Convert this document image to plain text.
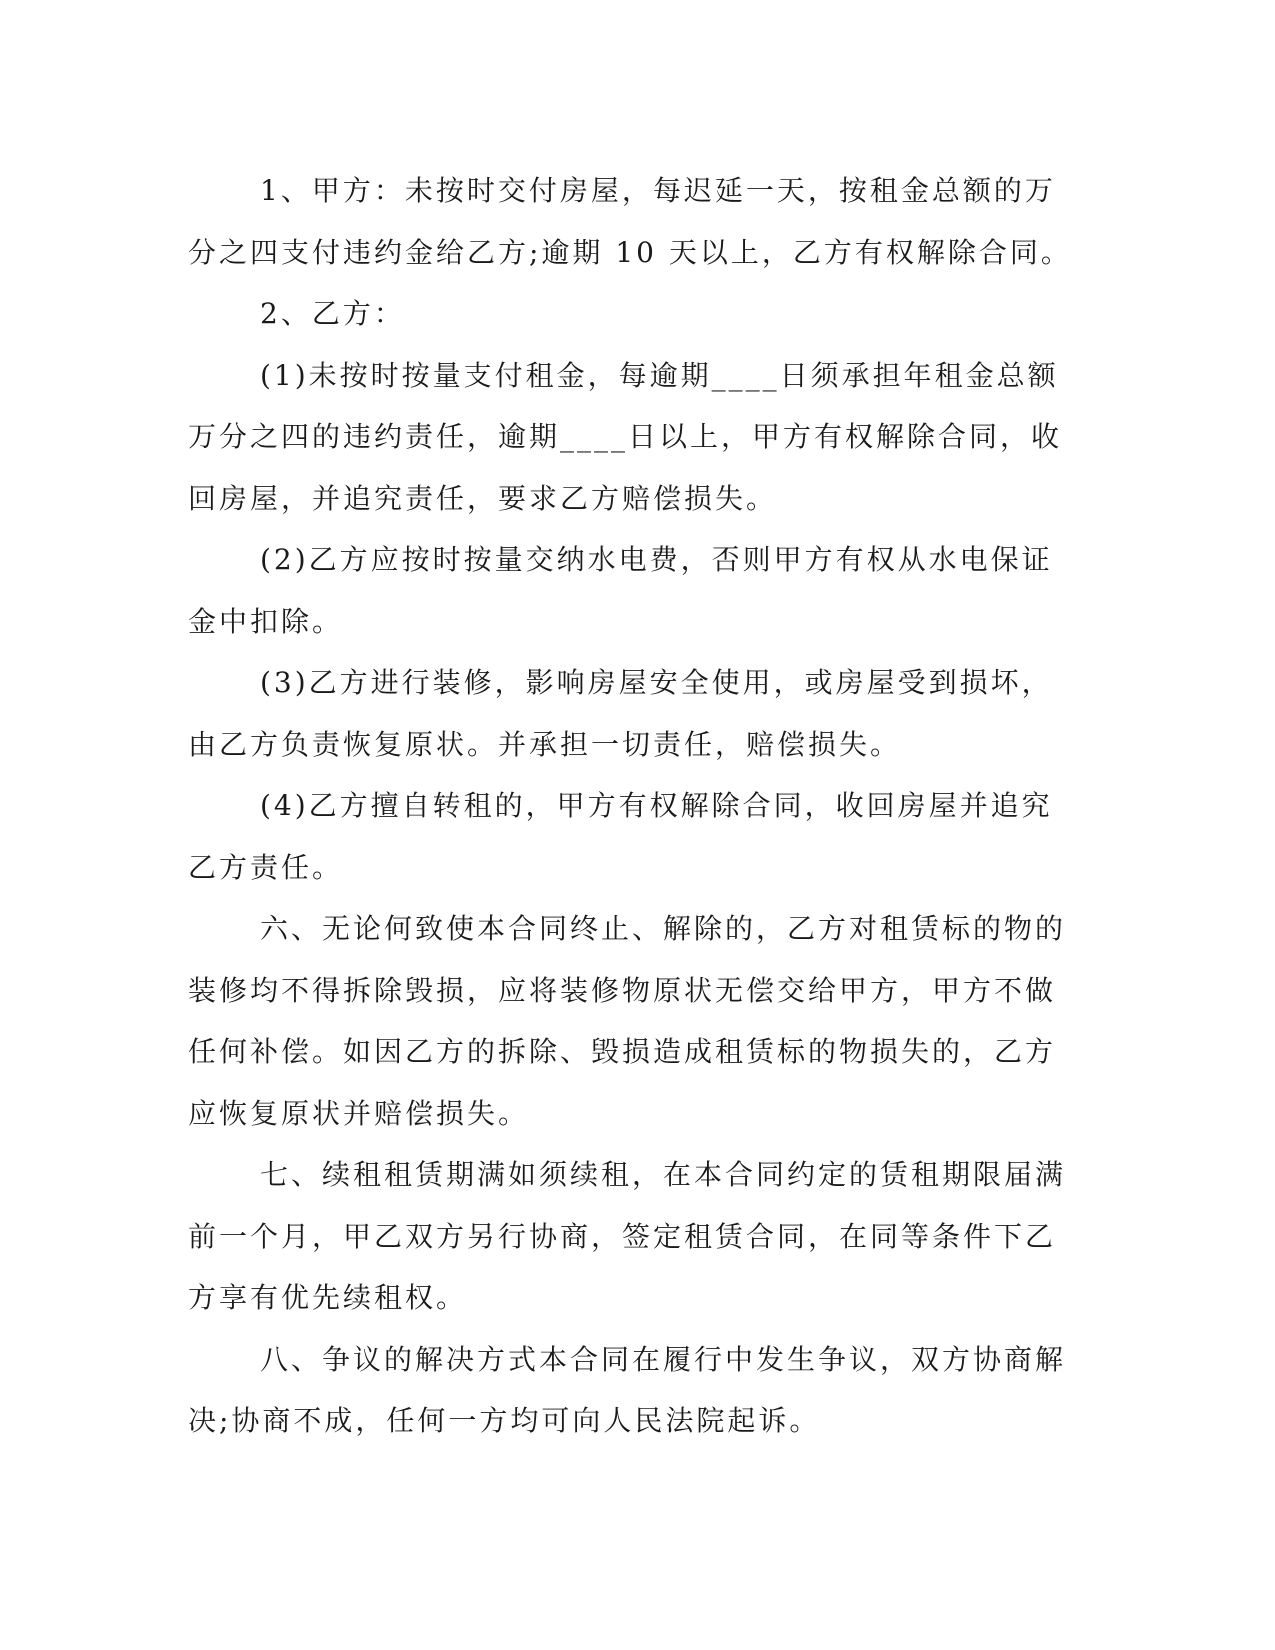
1、甲方：未按时交付房屋，每迟延一天，按租金总额的万分之四支付违约金给乙方;逾期 10 天以上，乙方有权解除合同。

2、乙方：

(1)未按时按量支付租金，每逾期____日须承担年租金总额万分之四的违约责任，逾期____日以上，甲方有权解除合同，收回房屋，并追究责任，要求乙方赔偿损失。

(2)乙方应按时按量交纳水电费，否则甲方有权从水电保证金中扣除。

(3)乙方进行装修，影响房屋安全使用，或房屋受到损坏，由乙方负责恢复原状。并承担一切责任，赔偿损失。

(4)乙方擅自转租的，甲方有权解除合同，收回房屋并追究乙方责任。

六、无论何致使本合同终止、解除的，乙方对租赁标的物的装修均不得拆除毁损，应将装修物原状无偿交给甲方，甲方不做任何补偿。如因乙方的拆除、毁损造成租赁标的物损失的，乙方应恢复原状并赔偿损失。

七、续租租赁期满如须续租，在本合同约定的赁租期限届满前一个月，甲乙双方另行协商，签定租赁合同，在同等条件下乙方享有优先续租权。

八、争议的解决方式本合同在履行中发生争议，双方协商解决;协商不成，任何一方均可向人民法院起诉。
